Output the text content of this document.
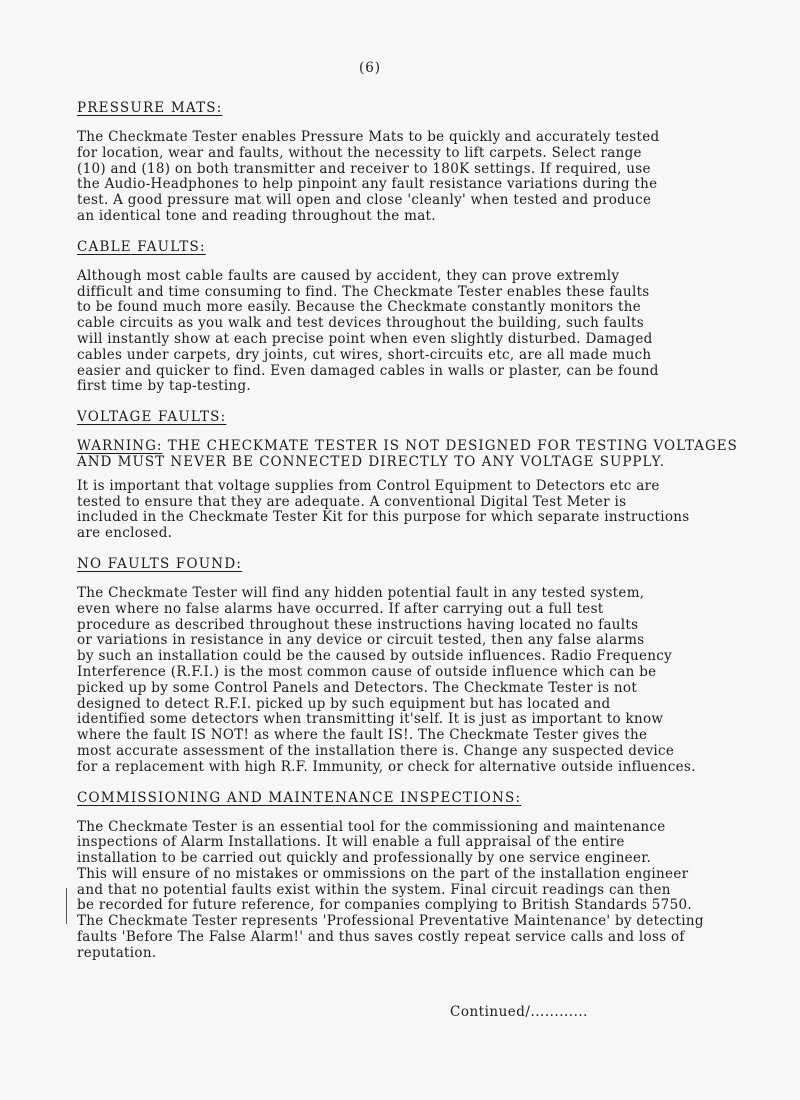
(6)
PRESSURE MATS:
The Checkmate Tester enables Pressure Mats to be quickly and accurately tested
for location, wear and faults, without the necessity to lift carpets. Select range
(10) and (18) on both transmitter and receiver to 180K settings. If required, use
the Audio-Headphones to help pinpoint any fault resistance variations during the
test. A good pressure mat will open and close 'cleanly' when tested and produce
an identical tone and reading throughout the mat.
CABLE FAULTS:
Although most cable faults are caused by accident, they can prove extremly
difficult and time consuming to find. The Checkmate Tester enables these faults
to be found much more easily. Because the Checkmate constantly monitors the
cable circuits as you walk and test devices throughout the building, such faults
will instantly show at each precise point when even slightly disturbed. Damaged
cables under carpets, dry joints, cut wires, short-circuits etc, are all made much
easier and quicker to find. Even damaged cables in walls or plaster, can be found
first time by tap-testing.
VOLTAGE FAULTS:
WARNING: THE CHECKMATE TESTER IS NOT DESIGNED FOR TESTING VOLTAGES
AND MUST NEVER BE CONNECTED DIRECTLY TO ANY VOLTAGE SUPPLY.
It is important that voltage supplies from Control Equipment to Detectors etc are
tested to ensure that they are adequate. A conventional Digital Test Meter is
included in the Checkmate Tester Kit for this purpose for which separate instructions
are enclosed.
NO FAULTS FOUND:
The Checkmate Tester will find any hidden potential fault in any tested system,
even where no false alarms have occurred. If after carrying out a full test
procedure as described throughout these instructions having located no faults
or variations in resistance in any device or circuit tested, then any false alarms
by such an installation could be the caused by outside influences. Radio Frequency
Interference (R.F.I.) is the most common cause of outside influence which can be
picked up by some Control Panels and Detectors. The Checkmate Tester is not
designed to detect R.F.I. picked up by such equipment but has located and
identified some detectors when transmitting it'self. It is just as important to know
where the fault IS NOT! as where the fault IS!. The Checkmate Tester gives the
most accurate assessment of the installation there is. Change any suspected device
for a replacement with high R.F. Immunity, or check for alternative outside influences.
COMMISSIONING AND MAINTENANCE INSPECTIONS:
The Checkmate Tester is an essential tool for the commissioning and maintenance
inspections of Alarm Installations. It will enable a full appraisal of the entire
installation to be carried out quickly and professionally by one service engineer.
This will ensure of no mistakes or ommissions on the part of the installation engineer
and that no potential faults exist within the system. Final circuit readings can then
be recorded for future reference, for companies complying to British Standards 5750.
The Checkmate Tester represents 'Professional Preventative Maintenance' by detecting
faults 'Before The False Alarm!' and thus saves costly repeat service calls and loss of
reputation.
Continued/............
